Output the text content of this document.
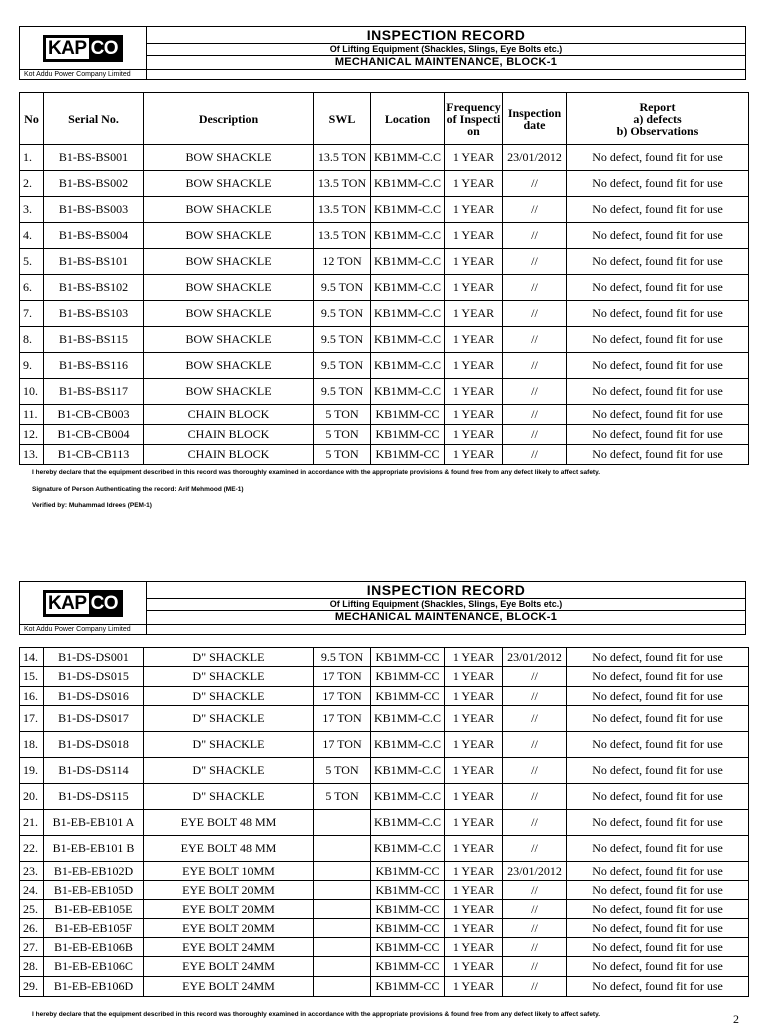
KAP CO	INSPECTION RECORD
	Of Lifting Equipment (Shackles, Slings, Eye Bolts etc.)
	MECHANICAL MAINTENANCE, BLOCK-1
Kot Addu Power Company Limited	
No	Serial No.	Description	SWL	Location	Frequency of Inspection	Inspection date	Report
a) defects
b) Observations

1.	B1-BS-BS001	BOW SHACKLE	13.5 TON	KB1MM-C.C	1 YEAR	23/01/2012	No defect, found fit for use
2.	B1-BS-BS002	BOW SHACKLE	13.5 TON	KB1MM-C.C	1 YEAR	//	No defect, found fit for use
3.	B1-BS-BS003	BOW SHACKLE	13.5 TON	KB1MM-C.C	1 YEAR	//	No defect, found fit for use
4.	B1-BS-BS004	BOW SHACKLE	13.5 TON	KB1MM-C.C	1 YEAR	//	No defect, found fit for use
5.	B1-BS-BS101	BOW SHACKLE	12 TON	KB1MM-C.C	1 YEAR	//	No defect, found fit for use
6.	B1-BS-BS102	BOW SHACKLE	9.5 TON	KB1MM-C.C	1 YEAR	//	No defect, found fit for use
7.	B1-BS-BS103	BOW SHACKLE	9.5 TON	KB1MM-C.C	1 YEAR	//	No defect, found fit for use
8.	B1-BS-BS115	BOW SHACKLE	9.5 TON	KB1MM-C.C	1 YEAR	//	No defect, found fit for use
9.	B1-BS-BS116	BOW SHACKLE	9.5 TON	KB1MM-C.C	1 YEAR	//	No defect, found fit for use
10.	B1-BS-BS117	BOW SHACKLE	9.5 TON	KB1MM-C.C	1 YEAR	//	No defect, found fit for use
11.	B1-CB-CB003	CHAIN BLOCK	5 TON	KB1MM-CC	1 YEAR	//	No defect, found fit for use
12.	B1-CB-CB004	CHAIN BLOCK	5 TON	KB1MM-CC	1 YEAR	//	No defect, found fit for use
13.	B1-CB-CB113	CHAIN BLOCK	5 TON	KB1MM-CC	1 YEAR	//	No defect, found fit for use
I hereby declare that the equipment described in this record was thoroughly examined in accordance with the appropriate provisions & found free from any defect likely to affect safety.
Signature of Person Authenticating the record: Arif Mehmood (ME-1)
Verified by: Muhammad Idrees (PEM-1)
KAP CO	INSPECTION RECORD
	Of Lifting Equipment (Shackles, Slings, Eye Bolts etc.)
	MECHANICAL MAINTENANCE, BLOCK-1
Kot Addu Power Company Limited	
14.	B1-DS-DS001	D" SHACKLE	9.5 TON	KB1MM-CC	1 YEAR	23/01/2012	No defect, found fit for use
15.	B1-DS-DS015	D" SHACKLE	17 TON	KB1MM-CC	1 YEAR	//	No defect, found fit for use
16.	B1-DS-DS016	D" SHACKLE	17 TON	KB1MM-CC	1 YEAR	//	No defect, found fit for use
17.	B1-DS-DS017	D" SHACKLE	17 TON	KB1MM-C.C	1 YEAR	//	No defect, found fit for use
18.	B1-DS-DS018	D" SHACKLE	17 TON	KB1MM-C.C	1 YEAR	//	No defect, found fit for use
19.	B1-DS-DS114	D" SHACKLE	5 TON	KB1MM-C.C	1 YEAR	//	No defect, found fit for use
20.	B1-DS-DS115	D" SHACKLE	5 TON	KB1MM-C.C	1 YEAR	//	No defect, found fit for use
21.	B1-EB-EB101 A	EYE BOLT 48 MM		KB1MM-C.C	1 YEAR	//	No defect, found fit for use
22.	B1-EB-EB101 B	EYE BOLT 48 MM		KB1MM-C.C	1 YEAR	//	No defect, found fit for use
23.	B1-EB-EB102D	EYE BOLT 10MM		KB1MM-CC	1 YEAR	23/01/2012	No defect, found fit for use
24.	B1-EB-EB105D	EYE BOLT 20MM		KB1MM-CC	1 YEAR	//	No defect, found fit for use
25.	B1-EB-EB105E	EYE BOLT 20MM		KB1MM-CC	1 YEAR	//	No defect, found fit for use
26.	B1-EB-EB105F	EYE BOLT 20MM		KB1MM-CC	1 YEAR	//	No defect, found fit for use
27.	B1-EB-EB106B	EYE BOLT 24MM		KB1MM-CC	1 YEAR	//	No defect, found fit for use
28.	B1-EB-EB106C	EYE BOLT 24MM		KB1MM-CC	1 YEAR	//	No defect, found fit for use
29.	B1-EB-EB106D	EYE BOLT 24MM		KB1MM-CC	1 YEAR	//	No defect, found fit for use
I hereby declare that the equipment described in this record was thoroughly examined in accordance with the appropriate provisions & found free from any defect likely to affect safety.	2
